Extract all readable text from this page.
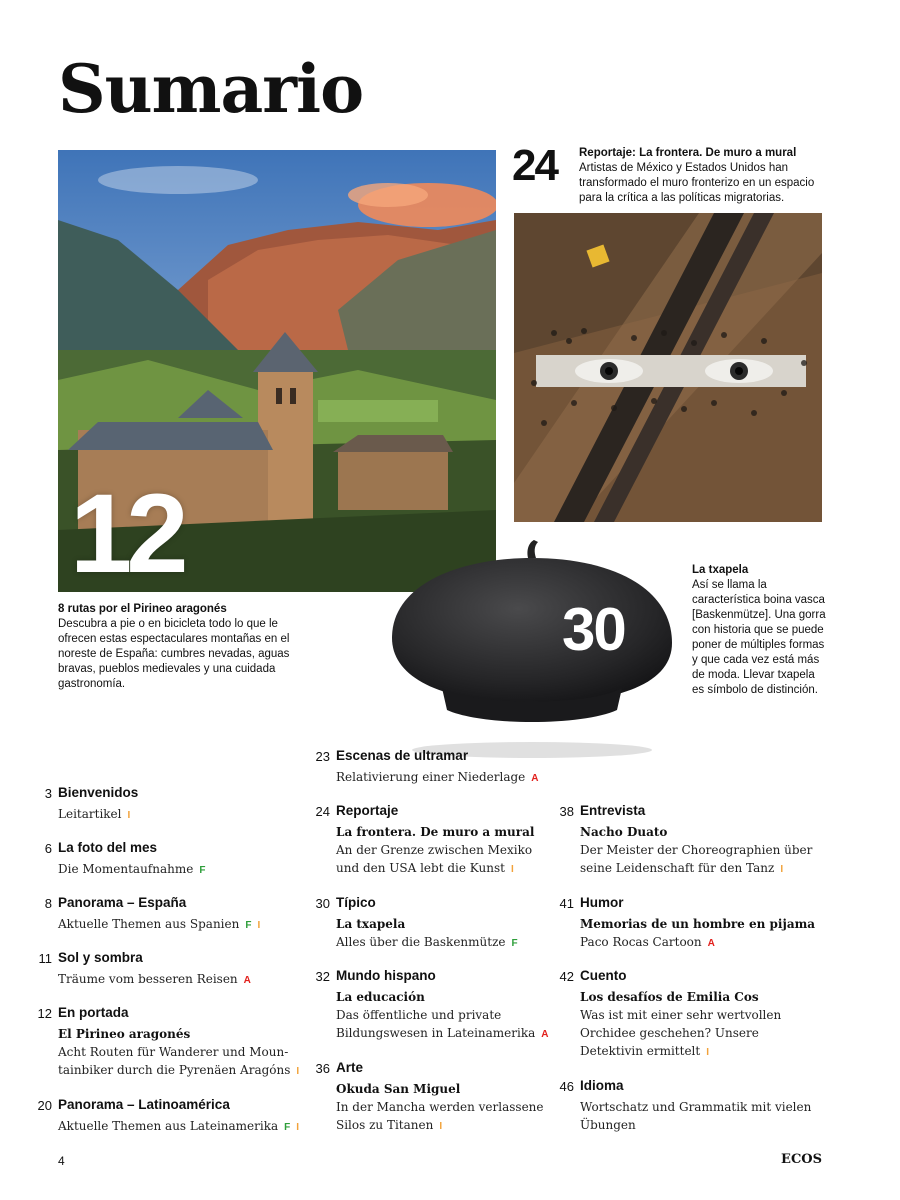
Sumario
12
24 Reportaje: La frontera. De muro a mural
Artistas de México y Estados Unidos han transformado el muro fronterizo en un espacio para la crítica a las políticas migratorias.
30
8 rutas por el Pirineo aragonés
Descubra a pie o en bicicleta todo lo que le ofrecen estas espectaculares montañas en el noreste de España: cumbres nevadas, aguas bravas, pueblos medievales y una cuidada gastronomía.
La txapela
Así se llama la característica boina vasca [Baskenmütze]. Una gorra con historia que se puede poner de múltiples formas y que cada vez está más de moda. Llevar txapela es símbolo de distinción.
3 Bienvenidos
Leitartikel I
6 La foto del mes
Die Momentaufnahme F
8 Panorama – España
Aktuelle Themen aus Spanien F I
11 Sol y sombra
Träume vom besseren Reisen A
12 En portada
El Pirineo aragonés
Acht Routen für Wanderer und Moun-
tainbiker durch die Pyrenäen Aragóns I
20 Panorama – Latinoamérica
Aktuelle Themen aus Lateinamerika F I
23 Escenas de ultramar
Relativierung einer Niederlage A
24 Reportaje
La frontera. De muro a mural
An der Grenze zwischen Mexiko
und den USA lebt die Kunst I
30 Típico
La txapela
Alles über die Baskenmütze F
32 Mundo hispano
La educación
Das öffentliche und private
Bildungswesen in Lateinamerika A
36 Arte
Okuda San Miguel
In der Mancha werden verlassene
Silos zu Titanen I
38 Entrevista
Nacho Duato
Der Meister der Choreographien über
seine Leidenschaft für den Tanz I
41 Humor
Memorias de un hombre en pijama
Paco Rocas Cartoon A
42 Cuento
Los desafíos de Emilia Cos
Was ist mit einer sehr wertvollen
Orchidee geschehen? Unsere
Detektivin ermittelt I
46 Idioma
Wortschatz und Grammatik mit vielen
Übungen
4	ECOS
